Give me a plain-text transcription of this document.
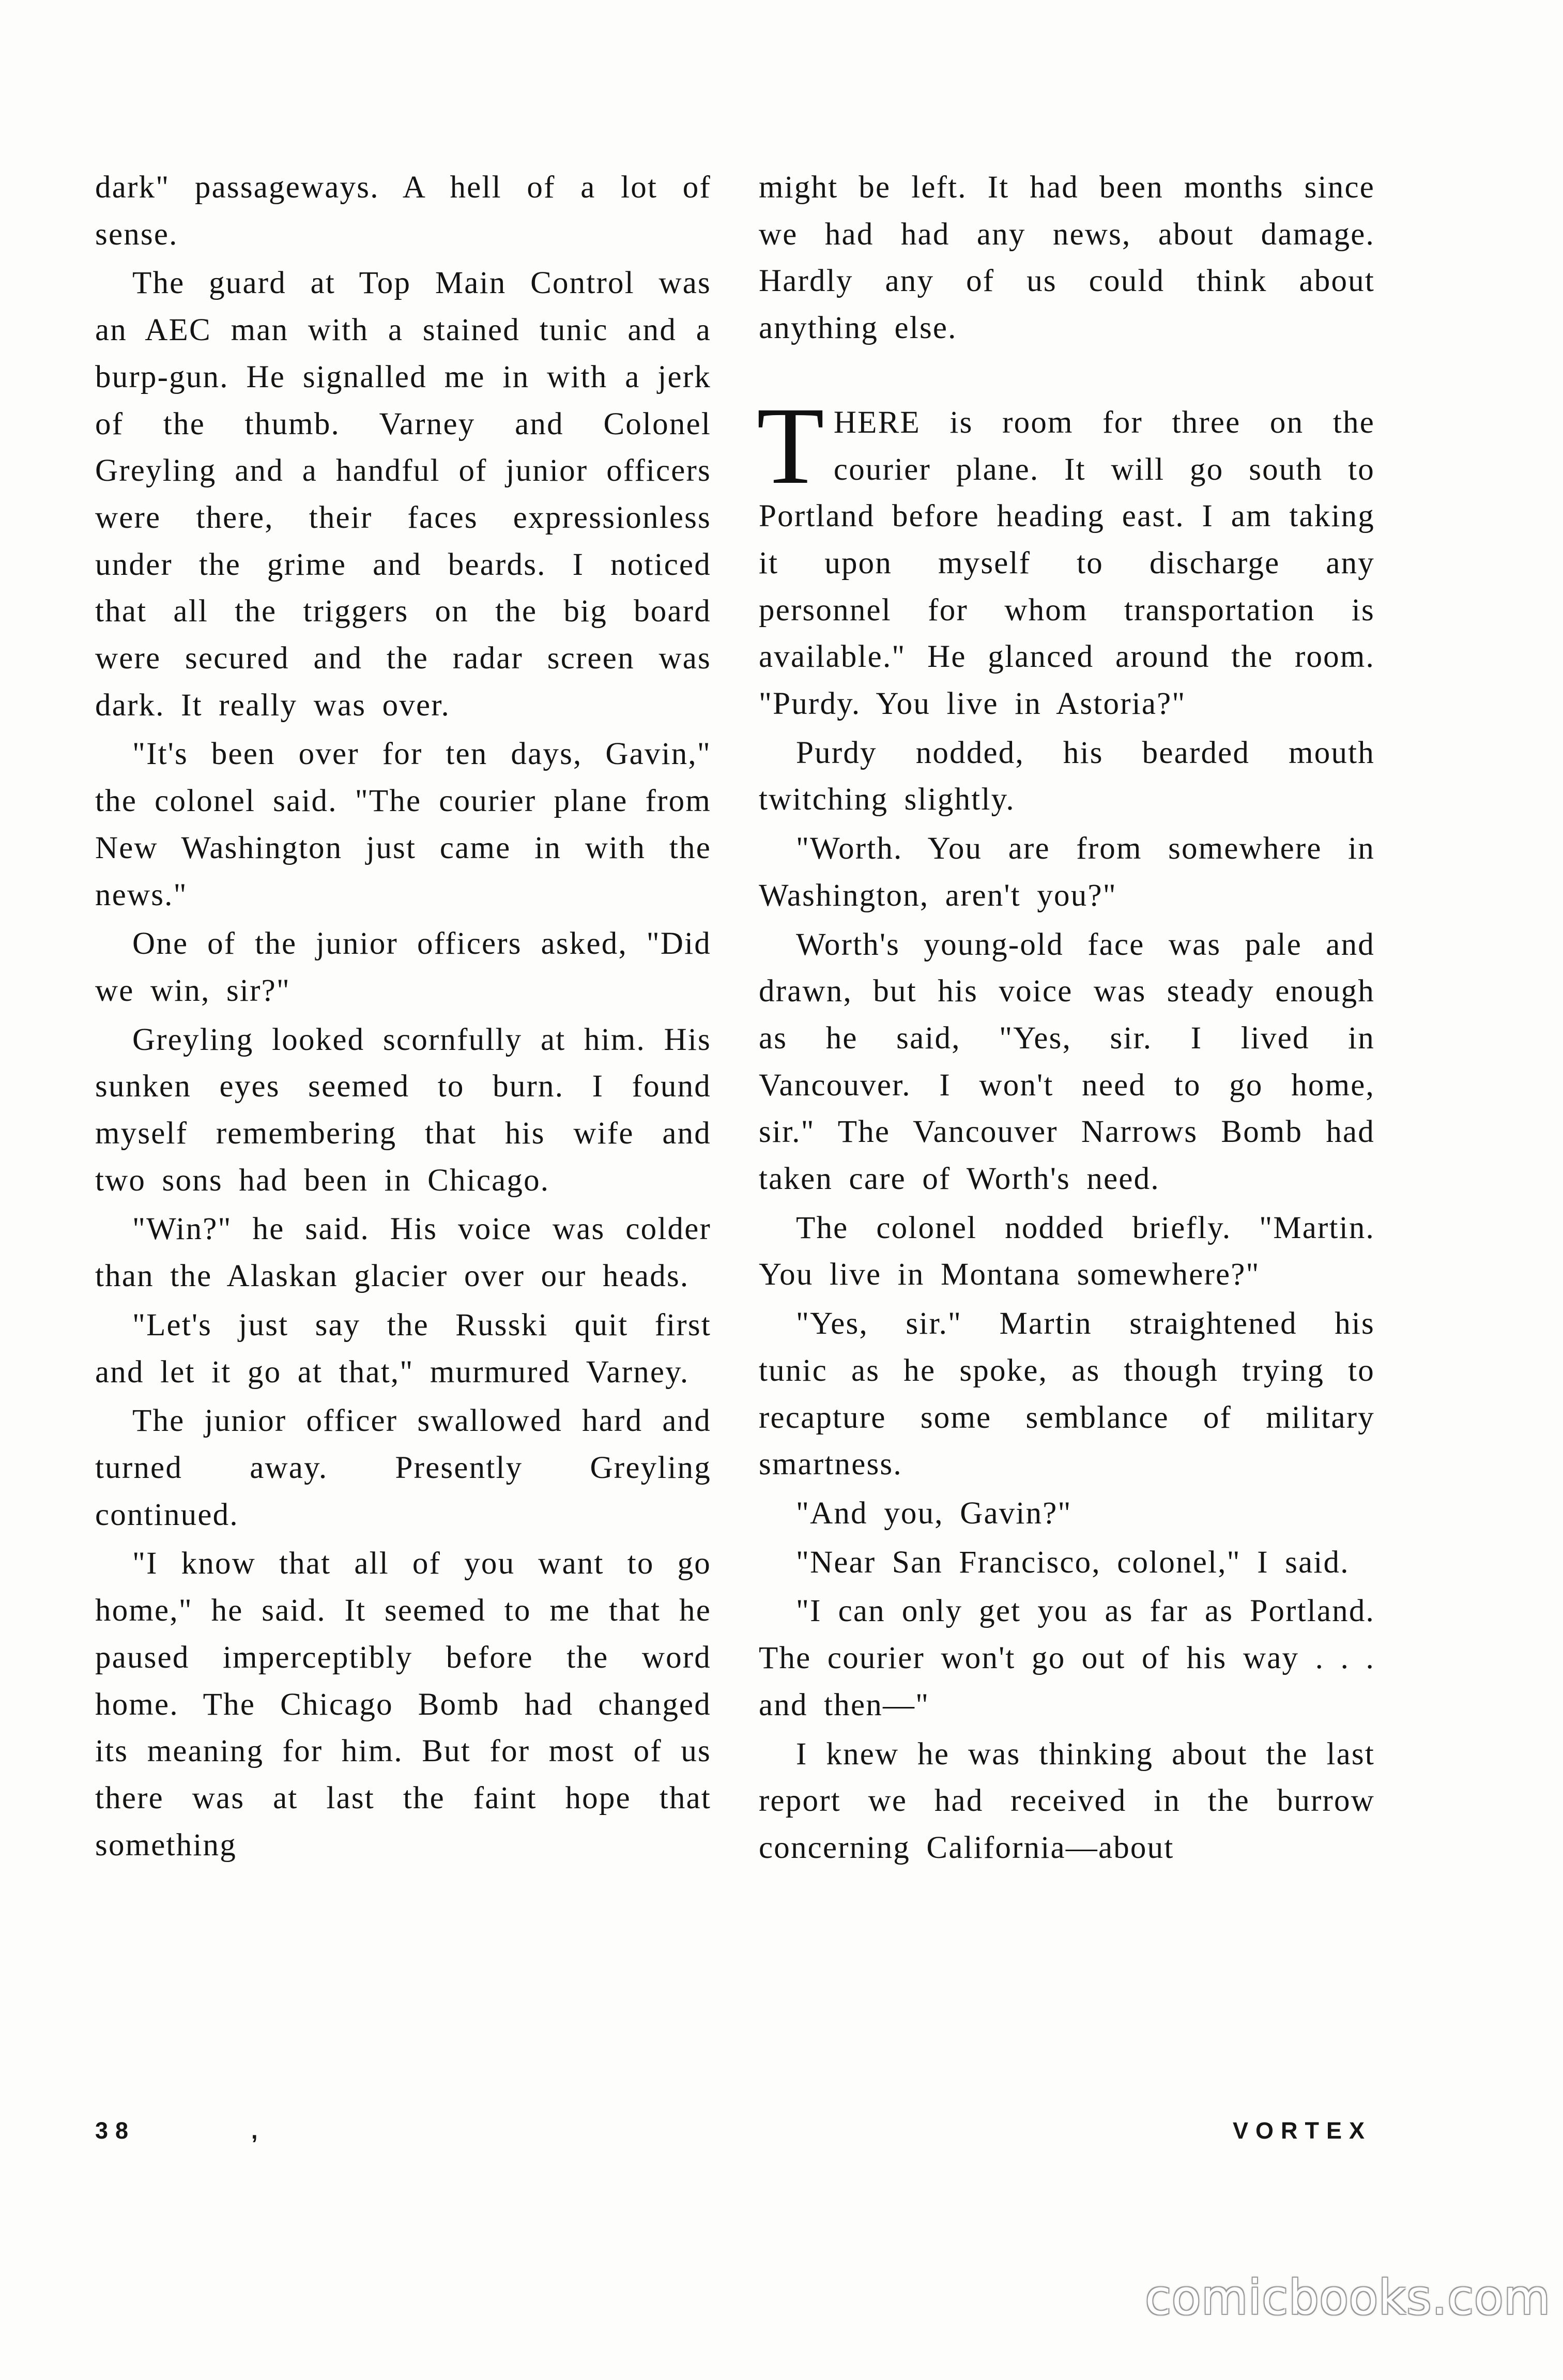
dark" passageways. A hell of a lot of sense.

The guard at Top Main Control was an AEC man with a stained tunic and a burp-gun. He signalled me in with a jerk of the thumb. Varney and Colonel Greyling and a handful of junior officers were there, their faces expressionless under the grime and beards. I noticed that all the triggers on the big board were secured and the radar screen was dark. It really was over.

"It's been over for ten days, Gavin," the colonel said. "The courier plane from New Washington just came in with the news."

One of the junior officers asked, "Did we win, sir?"

Greyling looked scornfully at him. His sunken eyes seemed to burn. I found myself remembering that his wife and two sons had been in Chicago.

"Win?" he said. His voice was colder than the Alaskan glacier over our heads.

"Let's just say the Russki quit first and let it go at that," murmured Varney.

The junior officer swallowed hard and turned away. Presently Greyling continued.

"I know that all of you want to go home," he said. It seemed to me that he paused imperceptibly before the word home. The Chicago Bomb had changed its meaning for him. But for most of us there was at last the faint hope that something

might be left. It had been months since we had had any news, about damage. Hardly any of us could think about anything else.

THERE is room for three on the courier plane. It will go south to Portland before heading east. I am taking it upon myself to discharge any personnel for whom transportation is available." He glanced around the room. "Purdy. You live in Astoria?"

Purdy nodded, his bearded mouth twitching slightly.

"Worth. You are from somewhere in Washington, aren't you?"

Worth's young-old face was pale and drawn, but his voice was steady enough as he said, "Yes, sir. I lived in Vancouver. I won't need to go home, sir." The Vancouver Narrows Bomb had taken care of Worth's need.

The colonel nodded briefly. "Martin. You live in Montana somewhere?"

"Yes, sir." Martin straightened his tunic as he spoke, as though trying to recapture some semblance of military smartness.

"And you, Gavin?"

"Near San Francisco, colonel," I said.

"I can only get you as far as Portland. The courier won't go out of his way . . . and then—"

I knew he was thinking about the last report we had received in the burrow concerning California—about

38	,	VORTEX
comicbooks.com
